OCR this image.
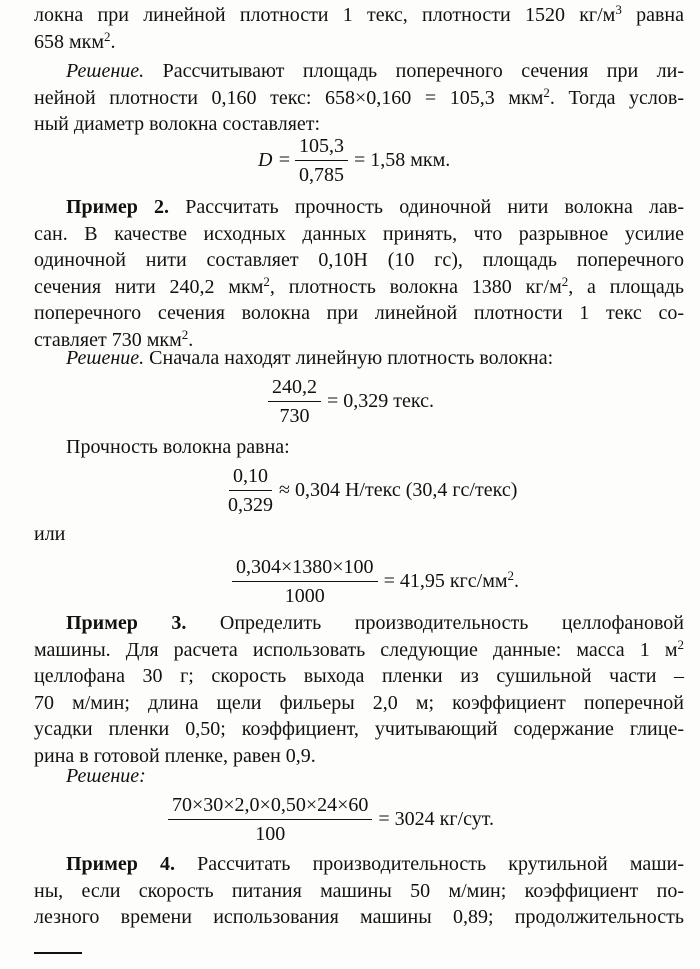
локна при линейной плотности 1 текс, плотности 1520 $кг/м^3$ равна
658 мкм$^2$.

Решение. Рассчитывают площадь поперечного сечения при ли-
нейной плотности 0,160 текс: 658×0,160 = 105,3 мкм$^2$. Тогда услов-
ный диаметр волокна составляет:

$D = \frac{105,3}{0,785} = 1,58$ мкм.

Пример 2. Рассчитать прочность одиночной нити волокна лав-
сан. В качестве исходных данных принять, что разрывное усилие
одиночной нити составляет 0,10Н (10 гс), площадь поперечного
сечения нити 240,2 мкм$^2$, плотность волокна 1380 $кг/м^2$, а площадь
поперечного сечения волокна при линейной плотности 1 текс со-
ставляет 730 мкм$^2$.

Решение. Сначала находят линейную плотность волокна:

$\frac{240,2}{730} = 0,329$ текс.

Прочность волокна равна:

$\frac{0,10}{0,329} \approx 0,304$ Н/текс (30,4 гс/текс)

или

$\frac{0,304\times 1380\times 100}{1000} = 41,95$ кгс/$мм^2$.

Пример 3. Определить производительность целлофановой
машины. Для расчета использовать следующие данные: масса 1 $м^2$
целлофана 30 г; скорость выхода пленки из сушильной части –
70 м/мин; длина щели фильеры 2,0 м; коэффициент поперечной
усадки пленки 0,50; коэффициент, учитывающий содержание глице-
рина в готовой пленке, равен 0,9.

Решение:

$\frac{70\times 30\times 2,0\times 0,50\times 24\times 60}{100} = 3024$ кг/сут.

Пример 4. Рассчитать производительность крутильной маши-
ны, если скорость питания машины 50 м/мин; коэффициент по-
лезного времени использования машины 0,89; продолжительность
